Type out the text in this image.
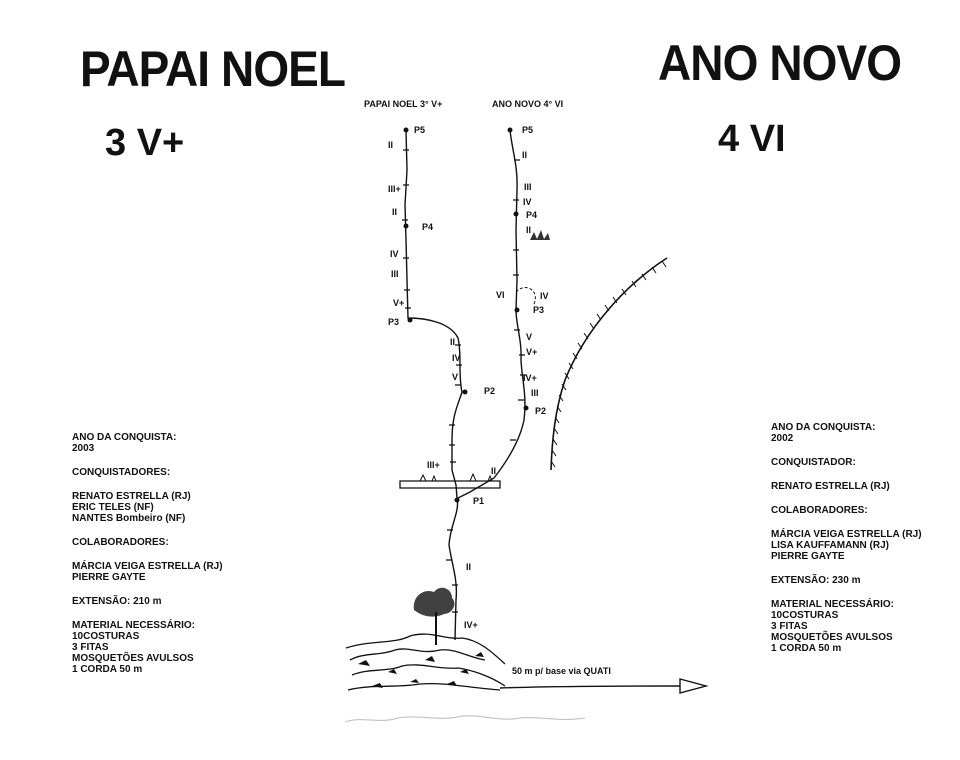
PAPAI NOEL
3 V+
ANO NOVO
4 VI
ANO DA CONQUISTA:
2003
CONQUISTADORES:
RENATO ESTRELLA (RJ)
ERIC TELES (NF)
NANTES Bombeiro (NF)
COLABORADORES:
MÁRCIA VEIGA ESTRELLA (RJ)
PIERRE GAYTE
EXTENSÃO: 210 m
MATERIAL NECESSÁRIO:
10COSTURAS
3 FITAS
MOSQUETÕES AVULSOS
1 CORDA 50 m
ANO DA CONQUISTA:
2002
CONQUISTADOR:
RENATO ESTRELLA (RJ)
COLABORADORES:
MÁRCIA VEIGA ESTRELLA (RJ)
LISA KAUFFAMANN (RJ)
PIERRE GAYTE
EXTENSÃO: 230 m
MATERIAL NECESSÁRIO:
10COSTURAS
3 FITAS
MOSQUETÕES AVULSOS
1 CORDA 50 m
PAPAI NOEL 3° V+	ANO NOVO 4° VI
P5
II
III+
II
P4
IV
III
V+
P3
II
IV
V
P2
III+
P5
II
III
IV
P4
II
VI	IV
P3
V
V+
IV+
III
P2
II
P1
II
IV+
50 m p/ base via QUATI
